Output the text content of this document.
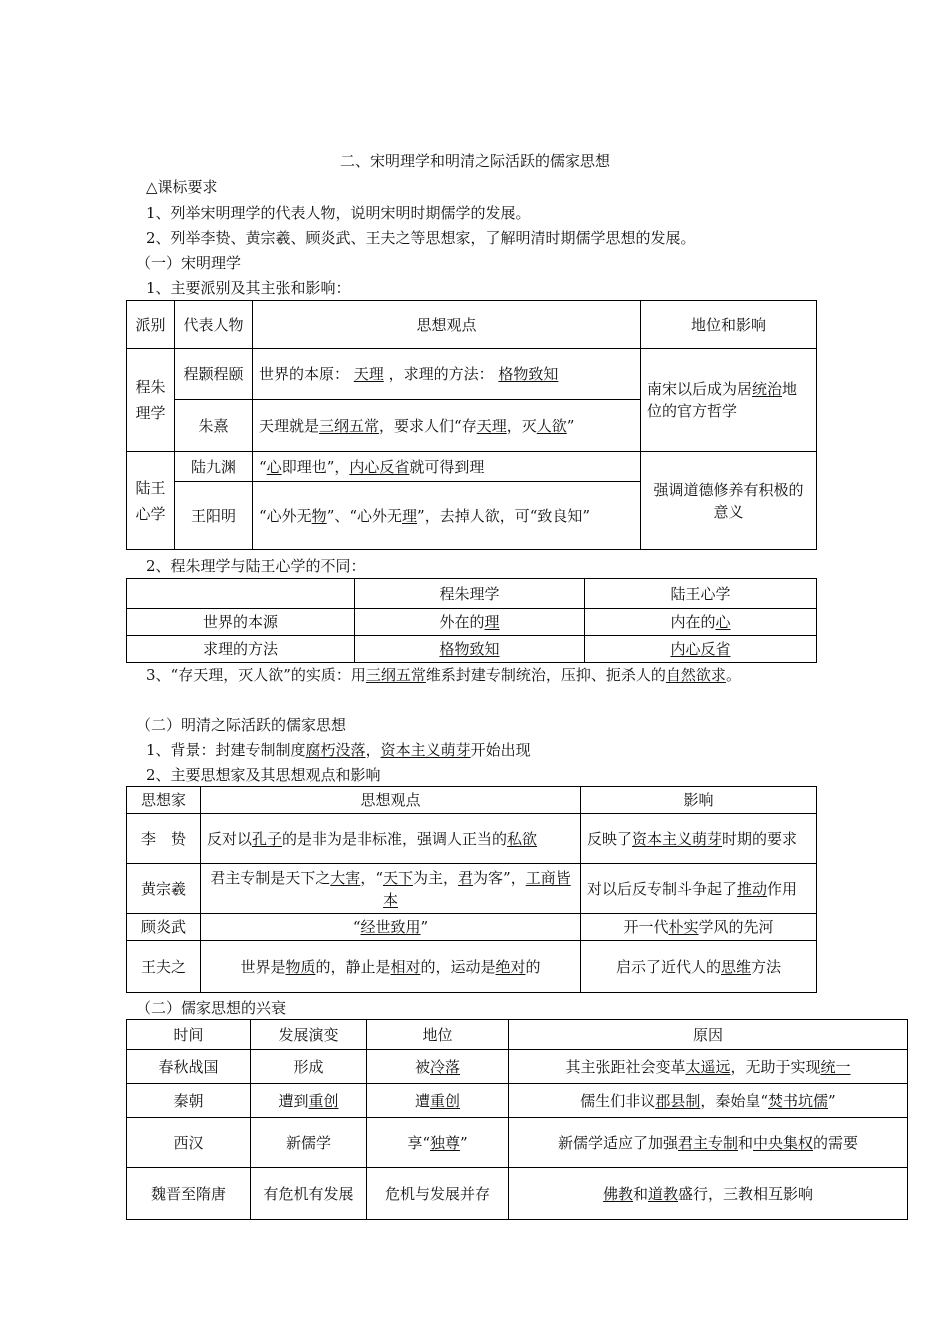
二、宋明理学和明清之际活跃的儒家思想
△课标要求
1、列举宋明理学的代表人物，说明宋明时期儒学的发展。
2、列举李贽、黄宗羲、顾炎武、王夫之等思想家，了解明清时期儒学思想的发展。
（一）宋明理学
1、主要派别及其主张和影响：
派别	代表人物	思想观点	地位和影响
程朱理学	程颢程颐	世界的本原： 天理 ，求理的方法： 格物致知	南宋以后成为居统治地位的官方哲学
	朱熹	天理就是三纲五常，要求人们“存天理，灭人欲”	
陆王心学	陆九渊	“心即理也”，内心反省就可得到理	强调道德修养有积极的意义
	王阳明	“心外无物”、“心外无理”，去掉人欲，可“致良知”	
2、程朱理学与陆王心学的不同：
	程朱理学	陆王心学
世界的本源	外在的理	内在的心
求理的方法	格物致知	内心反省
3、“存天理，灭人欲”的实质：用三纲五常维系封建专制统治，压抑、扼杀人的自然欲求。
（二）明清之际活跃的儒家思想
1、背景：封建专制制度腐朽没落，资本主义萌芽开始出现
2、主要思想家及其思想观点和影响
思想家	思想观点	影响
李　贽	反对以孔子的是非为是非标准，强调人正当的私欲	反映了资本主义萌芽时期的要求
黄宗羲	君主专制是天下之大害，“天下为主，君为客”，工商皆本	对以后反专制斗争起了推动作用
顾炎武	“经世致用”	开一代朴实学风的先河
王夫之	世界是物质的，静止是相对的，运动是绝对的	启示了近代人的思维方法
（二）儒家思想的兴衰
时间	发展演变	地位	原因
春秋战国	形成	被冷落	其主张距社会变革太遥远，无助于实现统一
秦朝	遭到重创	遭重创	儒生们非议郡县制，秦始皇“焚书坑儒”
西汉	新儒学	享“独尊”	新儒学适应了加强君主专制和中央集权的需要
魏晋至隋唐	有危机有发展	危机与发展并存	佛教和道教盛行，三教相互影响
